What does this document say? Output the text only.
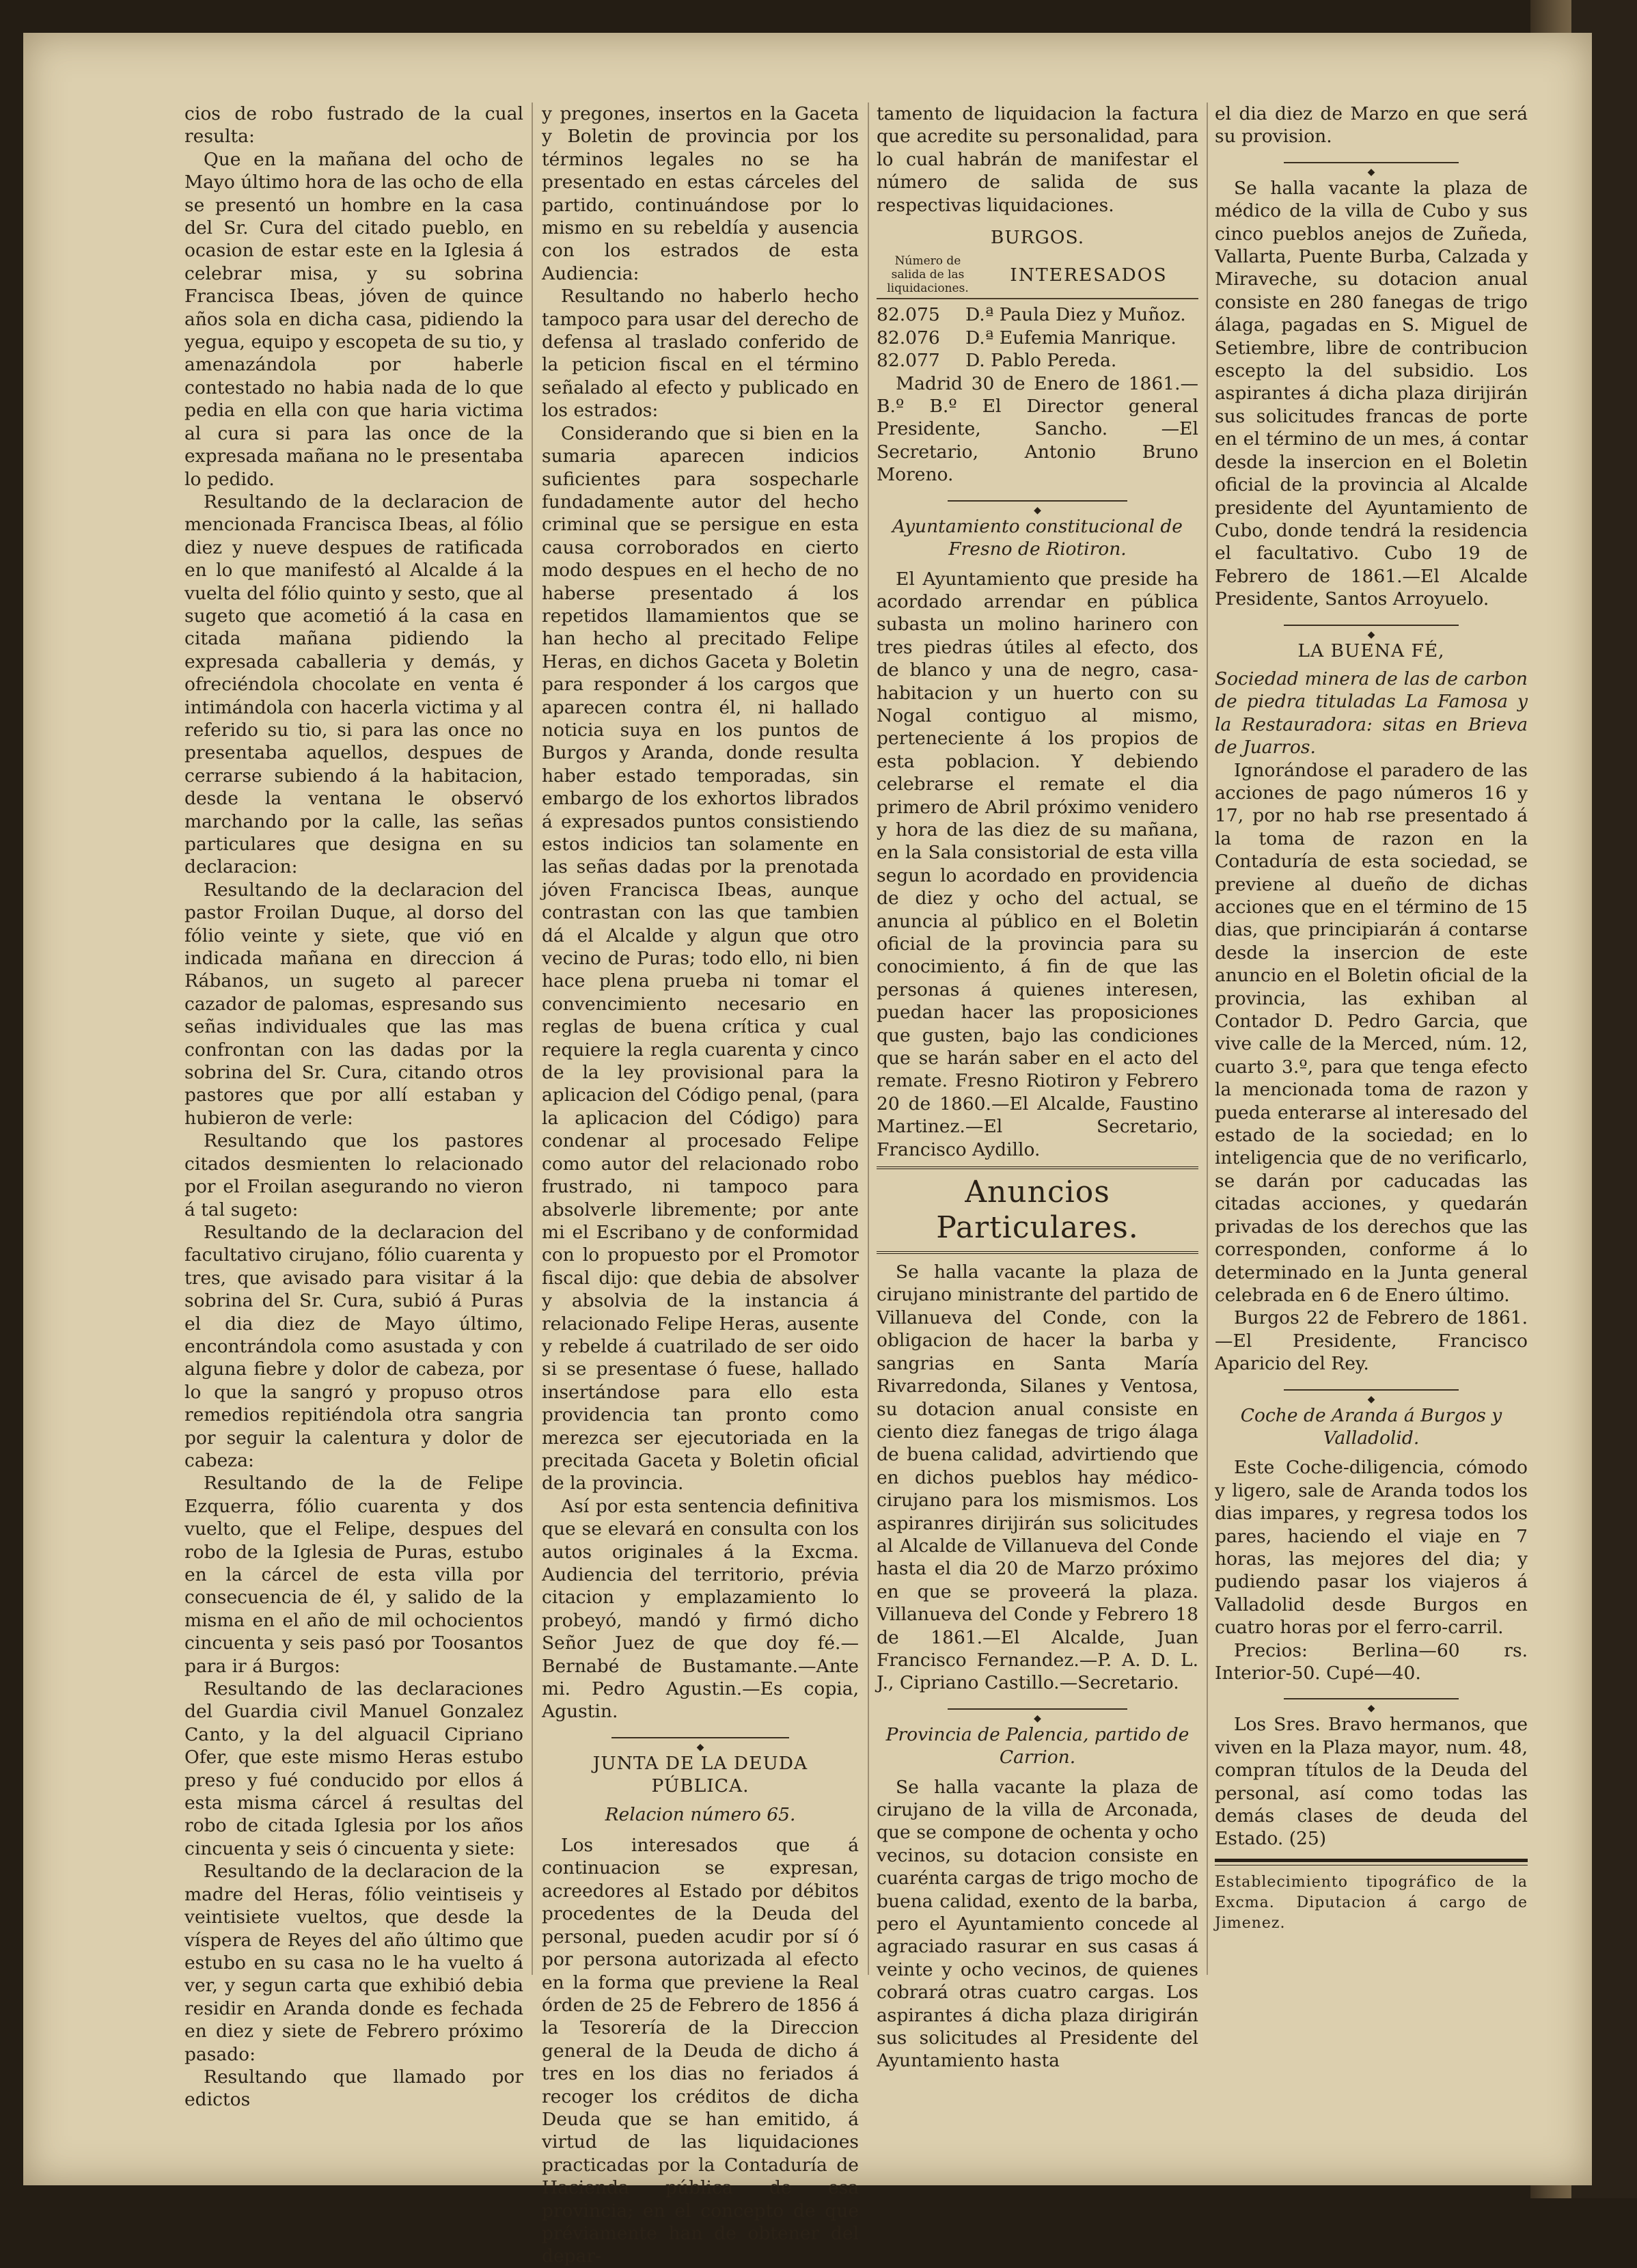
cios de robo fustrado de la cual resulta:

Que en la mañana del ocho de Mayo último hora de las ocho de ella se presentó un hombre en la casa del Sr. Cura del citado pueblo, en ocasion de estar este en la Iglesia á celebrar misa, y su sobrina Francisca Ibeas, jóven de quince años sola en dicha casa, pidiendo la yegua, equipo y escopeta de su tio, y amenazándola por haberle contestado no habia nada de lo que pedia en ella con que haria victima al cura si para las once de la expresada mañana no le presentaba lo pedido.

Resultando de la declaracion de mencionada Francisca Ibeas, al fólio diez y nueve despues de ratificada en lo que manifestó al Alcalde á la vuelta del fólio quinto y sesto, que al sugeto que acometió á la casa en citada mañana pidiendo la expresada caballeria y demás, y ofreciéndola chocolate en venta é intimándola con hacerla victima y al referido su tio, si para las once no presentaba aquellos, despues de cerrarse subiendo á la habitacion, desde la ventana le observó marchando por la calle, las señas particulares que designa en su declaracion:

Resultando de la declaracion del pastor Froilan Duque, al dorso del fólio veinte y siete, que vió en indicada mañana en direccion á Rábanos, un sugeto al parecer cazador de palomas, espresando sus señas individuales que las mas confrontan con las dadas por la sobrina del Sr. Cura, citando otros pastores que por allí estaban y hubieron de verle:

Resultando que los pastores citados desmienten lo relacionado por el Froilan asegurando no vieron á tal sugeto:

Resultando de la declaracion del facultativo cirujano, fólio cuarenta y tres, que avisado para visitar á la sobrina del Sr. Cura, subió á Puras el dia diez de Mayo último, encontrándola como asustada y con alguna fiebre y dolor de cabeza, por lo que la sangró y propuso otros remedios repitiéndola otra sangria por seguir la calentura y dolor de cabeza:

Resultando de la de Felipe Ezquerra, fólio cuarenta y dos vuelto, que el Felipe, despues del robo de la Iglesia de Puras, estubo en la cárcel de esta villa por consecuencia de él, y salido de la misma en el año de mil ochocientos cincuenta y seis pasó por Toosantos para ir á Burgos:

Resultando de las declaraciones del Guardia civil Manuel Gonzalez Canto, y la del alguacil Cipriano Ofer, que este mismo Heras estubo preso y fué conducido por ellos á esta misma cárcel á resultas del robo de citada Iglesia por los años cincuenta y seis ó cincuenta y siete:

Resultando de la declaracion de la madre del Heras, fólio veintiseis y veintisiete vueltos, que desde la víspera de Reyes del año último que estubo en su casa no le ha vuelto á ver, y segun carta que exhibió debia residir en Aranda donde es fechada en diez y siete de Febrero próximo pasado:

Resultando que llamado por edictos

y pregones, insertos en la Gaceta y Boletin de provincia por los términos legales no se ha presentado en estas cárceles del partido, continuándose por lo mismo en su rebeldía y ausencia con los estrados de esta Audiencia:

Resultando no haberlo hecho tampoco para usar del derecho de defensa al traslado conferido de la peticion fiscal en el término señalado al efecto y publicado en los estrados:

Considerando que si bien en la sumaria aparecen indicios suficientes para sospecharle fundadamente autor del hecho criminal que se persigue en esta causa corroborados en cierto modo despues en el hecho de no haberse presentado á los repetidos llamamientos que se han hecho al precitado Felipe Heras, en dichos Gaceta y Boletin para responder á los cargos que aparecen contra él, ni hallado noticia suya en los puntos de Burgos y Aranda, donde resulta haber estado temporadas, sin embargo de los exhortos librados á expresados puntos consistiendo estos indicios tan solamente en las señas dadas por la prenotada jóven Francisca Ibeas, aunque contrastan con las que tambien dá el Alcalde y algun que otro vecino de Puras; todo ello, ni bien hace plena prueba ni tomar el convencimiento necesario en reglas de buena crítica y cual requiere la regla cuarenta y cinco de la ley provisional para la aplicacion del Código penal, (para la aplicacion del Código) para condenar al procesado Felipe como autor del relacionado robo frustrado, ni tampoco para absolverle libremente; por ante mi el Escribano y de conformidad con lo propuesto por el Promotor fiscal dijo: que debia de absolver y absolvia de la instancia á relacionado Felipe Heras, ausente y rebelde á cuatrilado de ser oido si se presentase ó fuese, hallado insertándose para ello esta providencia tan pronto como merezca ser ejecutoriada en la precitada Gaceta y Boletin oficial de la provincia.

Así por esta sentencia definitiva que se elevará en consulta con los autos originales á la Excma. Audiencia del territorio, prévia citacion y emplazamiento lo probeyó, mandó y firmó dicho Señor Juez de que doy fé.—Bernabé de Bustamante.—Ante mi. Pedro Agustin.—Es copia, Agustin.

◆

JUNTA DE LA DEUDA PÚBLICA.

Relacion número 65.

Los interesados que á continuacion se expresan, acreedores al Estado por débitos procedentes de la Deuda del personal, pueden acudir por sí ó por persona autorizada al efecto en la forma que previene la Real órden de 25 de Febrero de 1856 á la Tesorería de la Direccion general de la Deuda de dicho á tres en los dias no feriados á recoger los créditos de dicha Deuda que se han emitido, á virtud de las liquidaciones practicadas por la Contaduría de Hacienda pública de esa provincia; en el concepto de que préviamente han de obtener del depar-

tamento de liquidacion la factura que acredite su personalidad, para lo cual habrán de manifestar el número de salida de sus respectivas liquidaciones.

BURGOS.

Número de salida de las liquidaciones.
INTERESADOS
82.075	D.ª Paula Diez y Muñoz.
82.076	D.ª Eufemia Manrique.
82.077	D. Pablo Pereda.

Madrid 30 de Enero de 1861.—B.º B.º El Director general Presidente, Sancho. —El Secretario, Antonio Bruno Moreno.

◆

Ayuntamiento constitucional de Fresno de Riotiron.

El Ayuntamiento que preside ha acordado arrendar en pública subasta un molino harinero con tres piedras útiles al efecto, dos de blanco y una de negro, casa-habitacion y un huerto con su Nogal contiguo al mismo, perteneciente á los propios de esta poblacion. Y debiendo celebrarse el remate el dia primero de Abril próximo venidero y hora de las diez de su mañana, en la Sala consistorial de esta villa segun lo acordado en providencia de diez y ocho del actual, se anuncia al público en el Boletin oficial de la provincia para su conocimiento, á fin de que las personas á quienes interesen, puedan hacer las proposiciones que gusten, bajo las condiciones que se harán saber en el acto del remate. Fresno Riotiron y Febrero 20 de 1860.—El Alcalde, Faustino Martinez.—El Secretario, Francisco Aydillo.

Anuncios Particulares.

Se halla vacante la plaza de cirujano ministrante del partido de Villanueva del Conde, con la obligacion de hacer la barba y sangrias en Santa María Rivarredonda, Silanes y Ventosa, su dotacion anual consiste en ciento diez fanegas de trigo álaga de buena calidad, advirtiendo que en dichos pueblos hay médico-cirujano para los mismismos. Los aspiranres dirijirán sus solicitudes al Alcalde de Villanueva del Conde hasta el dia 20 de Marzo próximo en que se proveerá la plaza. Villanueva del Conde y Febrero 18 de 1861.—El Alcalde, Juan Francisco Fernandez.—P. A. D. L. J., Cipriano Castillo.—Secretario.

◆

Provincia de Palencia, partido de Carrion.

Se halla vacante la plaza de cirujano de la villa de Arconada, que se compone de ochenta y ocho vecinos, su dotacion consiste en cuarénta cargas de trigo mocho de buena calidad, exento de la barba, pero el Ayuntamiento concede al agraciado rasurar en sus casas á veinte y ocho vecinos, de quienes cobrará otras cuatro cargas. Los aspirantes á dicha plaza dirigirán sus solicitudes al Presidente del Ayuntamiento hasta

el dia diez de Marzo en que será su provision.

◆

Se halla vacante la plaza de médico de la villa de Cubo y sus cinco pueblos anejos de Zuñeda, Vallarta, Puente Burba, Calzada y Miraveche, su dotacion anual consiste en 280 fanegas de trigo álaga, pagadas en S. Miguel de Setiembre, libre de contribucion escepto la del subsidio. Los aspirantes á dicha plaza dirijirán sus solicitudes francas de porte en el término de un mes, á contar desde la insercion en el Boletin oficial de la provincia al Alcalde presidente del Ayuntamiento de Cubo, donde tendrá la residencia el facultativo. Cubo 19 de Febrero de 1861.—El Alcalde Presidente, Santos Arroyuelo.

◆

LA BUENA FÉ,

Sociedad minera de las de carbon de piedra tituladas La Famosa y la Restauradora: sitas en Brieva de Juarros.

Ignorándose el paradero de las acciones de pago números 16 y 17, por no hab rse presentado á la toma de razon en la Contaduría de esta sociedad, se previene al dueño de dichas acciones que en el término de 15 dias, que principiarán á contarse desde la insercion de este anuncio en el Boletin oficial de la provincia, las exhiban al Contador D. Pedro Garcia, que vive calle de la Merced, núm. 12, cuarto 3.º, para que tenga efecto la mencionada toma de razon y pueda enterarse al interesado del estado de la sociedad; en lo inteligencia que de no verificarlo, se darán por caducadas las citadas acciones, y quedarán privadas de los derechos que las corresponden, conforme á lo determinado en la Junta general celebrada en 6 de Enero último.

Burgos 22 de Febrero de 1861.—El Presidente, Francisco Aparicio del Rey.

◆

Coche de Aranda á Burgos y Valladolid.

Este Coche-diligencia, cómodo y ligero, sale de Aranda todos los dias impares, y regresa todos los pares, haciendo el viaje en 7 horas, las mejores del dia; y pudiendo pasar los viajeros á Valladolid desde Burgos en cuatro horas por el ferro-carril.

Precios: Berlina—60 rs. Interior-50. Cupé—40.

◆

Los Sres. Bravo hermanos, que viven en la Plaza mayor, num. 48, compran títulos de la Deuda del personal, así como todas las demás clases de deuda del Estado. (25)

Establecimiento tipográfico de la Excma. Diputacion á cargo de Jimenez.
